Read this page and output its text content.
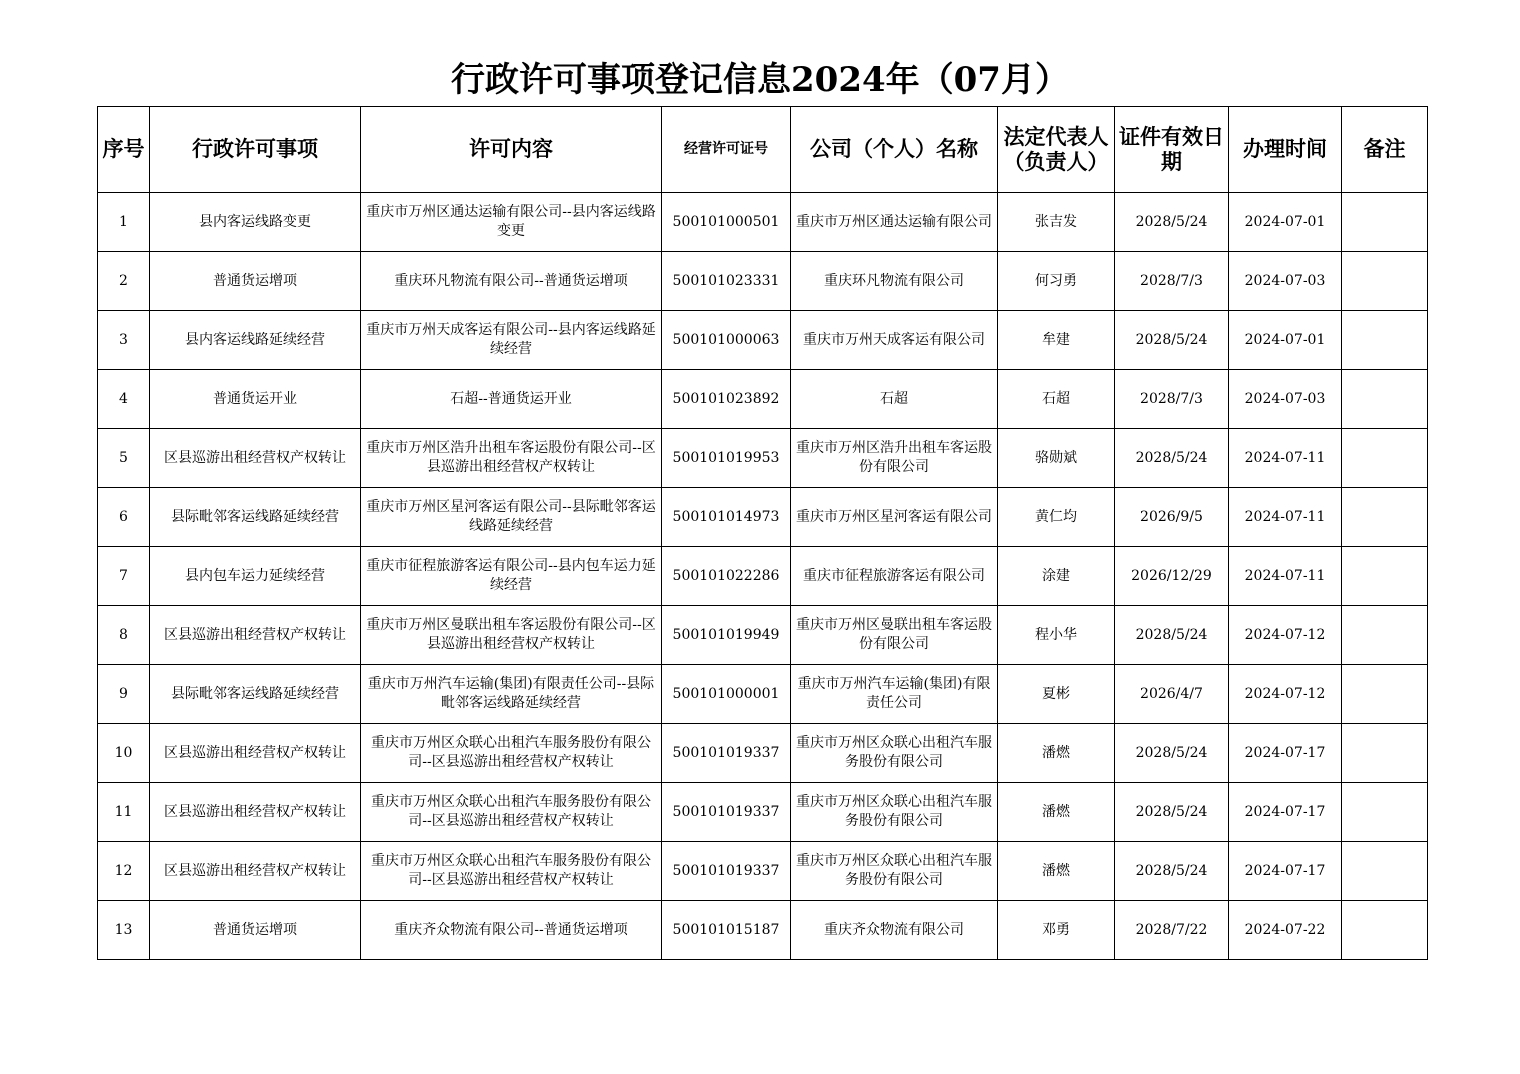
行政许可事项登记信息2024年（07月）
序号	行政许可事项	许可内容	经营许可证号	公司（个人）名称	法定代表人（负责人）	证件有效日期	办理时间	备注
1	县内客运线路变更	重庆市万州区通达运输有限公司--县内客运线路变更	500101000501	重庆市万州区通达运输有限公司	张吉发	2028/5/24	2024-07-01	
2	普通货运增项	重庆环凡物流有限公司--普通货运增项	500101023331	重庆环凡物流有限公司	何习勇	2028/7/3	2024-07-03	
3	县内客运线路延续经营	重庆市万州天成客运有限公司--县内客运线路延续经营	500101000063	重庆市万州天成客运有限公司	牟建	2028/5/24	2024-07-01	
4	普通货运开业	石超--普通货运开业	500101023892	石超	石超	2028/7/3	2024-07-03	
5	区县巡游出租经营权产权转让	重庆市万州区浩升出租车客运股份有限公司--区县巡游出租经营权产权转让	500101019953	重庆市万州区浩升出租车客运股份有限公司	骆勋斌	2028/5/24	2024-07-11	
6	县际毗邻客运线路延续经营	重庆市万州区星河客运有限公司--县际毗邻客运线路延续经营	500101014973	重庆市万州区星河客运有限公司	黄仁均	2026/9/5	2024-07-11	
7	县内包车运力延续经营	重庆市征程旅游客运有限公司--县内包车运力延续经营	500101022286	重庆市征程旅游客运有限公司	涂建	2026/12/29	2024-07-11	
8	区县巡游出租经营权产权转让	重庆市万州区曼联出租车客运股份有限公司--区县巡游出租经营权产权转让	500101019949	重庆市万州区曼联出租车客运股份有限公司	程小华	2028/5/24	2024-07-12	
9	县际毗邻客运线路延续经营	重庆市万州汽车运输(集团)有限责任公司--县际毗邻客运线路延续经营	500101000001	重庆市万州汽车运输(集团)有限责任公司	夏彬	2026/4/7	2024-07-12	
10	区县巡游出租经营权产权转让	重庆市万州区众联心出租汽车服务股份有限公司--区县巡游出租经营权产权转让	500101019337	重庆市万州区众联心出租汽车服务股份有限公司	潘燃	2028/5/24	2024-07-17	
11	区县巡游出租经营权产权转让	重庆市万州区众联心出租汽车服务股份有限公司--区县巡游出租经营权产权转让	500101019337	重庆市万州区众联心出租汽车服务股份有限公司	潘燃	2028/5/24	2024-07-17	
12	区县巡游出租经营权产权转让	重庆市万州区众联心出租汽车服务股份有限公司--区县巡游出租经营权产权转让	500101019337	重庆市万州区众联心出租汽车服务股份有限公司	潘燃	2028/5/24	2024-07-17	
13	普通货运增项	重庆齐众物流有限公司--普通货运增项	500101015187	重庆齐众物流有限公司	邓勇	2028/7/22	2024-07-22	
